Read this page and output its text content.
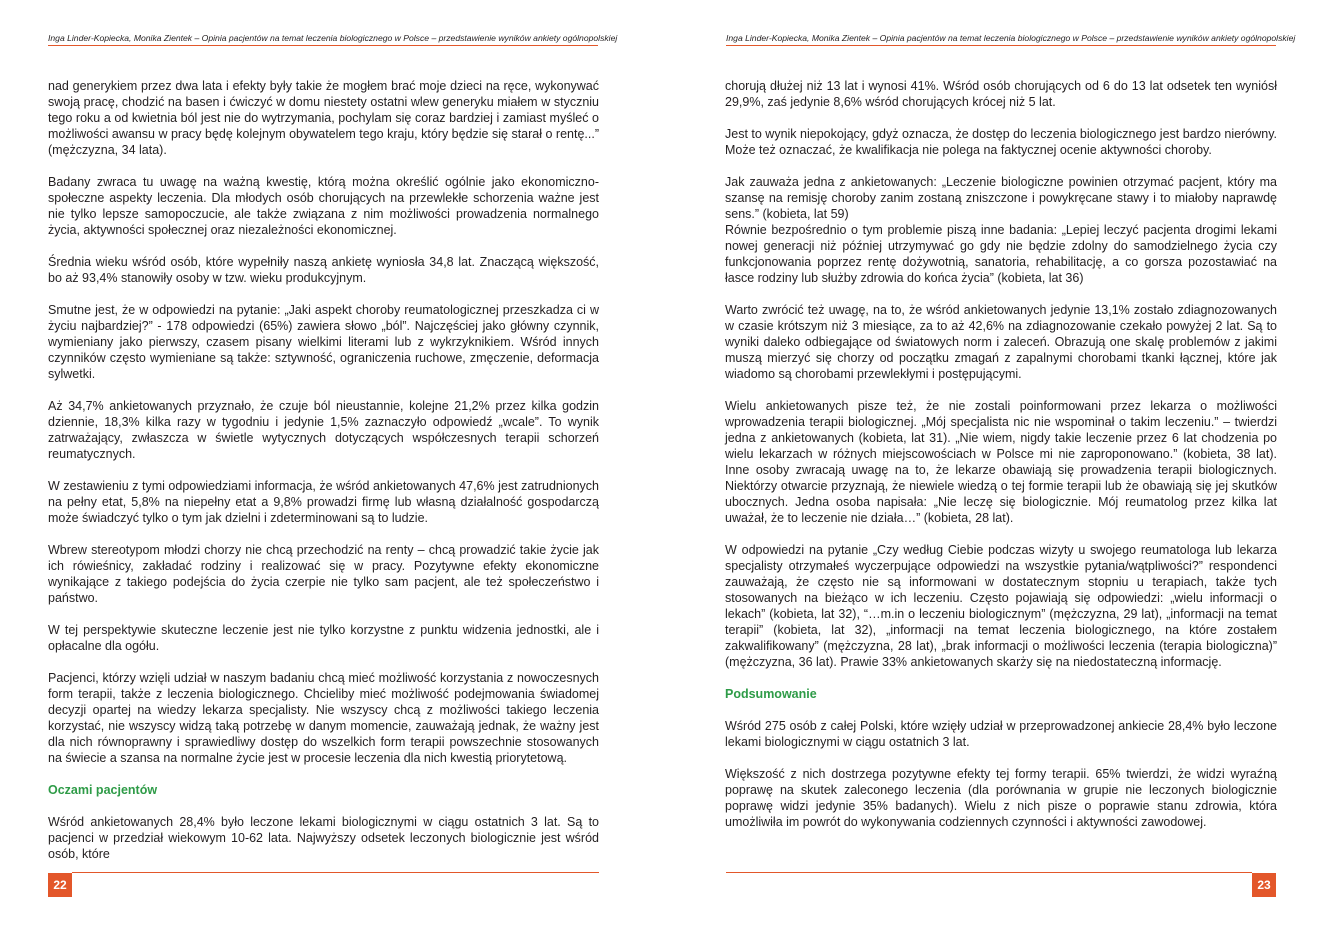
Inga Linder-Kopiecka, Monika Zientek – Opinia pacjentów na temat leczenia biologicznego w Polsce – przedstawienie wyników ankiety ogólnopolskiej

nad generykiem przez dwa lata i efekty były takie że mogłem brać moje dzieci na ręce, wykonywać swoją pracę, chodzić na basen i ćwiczyć w domu niestety ostatni wlew generyku miałem w styczniu tego roku a od kwietnia ból jest nie do wytrzymania, pochylam się coraz bardziej i zamiast myśleć o możliwości awansu w pracy będę kolejnym obywatelem tego kraju, który będzie się starał o rentę...” (mężczyzna, 34 lata).

Badany zwraca tu uwagę na ważną kwestię, którą można określić ogólnie jako ekonomiczno-społeczne aspekty leczenia. Dla młodych osób chorujących na przewlekłe schorzenia ważne jest nie tylko lepsze samopoczucie, ale także związana z nim możliwości prowadzenia normalnego życia, aktywności społecznej oraz niezależności ekonomicznej.

Średnia wieku wśród osób, które wypełniły naszą ankietę wyniosła 34,8 lat. Znaczącą większość, bo aż 93,4% stanowiły osoby w tzw. wieku produkcyjnym.

Smutne jest, że w odpowiedzi na pytanie: „Jaki aspekt choroby reumatologicznej przeszkadza ci w życiu najbardziej?” - 178 odpowiedzi (65%) zawiera słowo „ból”. Najczęściej jako główny czynnik, wymieniany jako pierwszy, czasem pisany wielkimi literami lub z wykrzyknikiem. Wśród innych czynników często wymieniane są także: sztywność, ograniczenia ruchowe, zmęczenie, deformacja sylwetki.

Aż 34,7% ankietowanych przyznało, że czuje ból nieustannie, kolejne 21,2% przez kilka godzin dziennie, 18,3% kilka razy w tygodniu i jedynie 1,5% zaznaczyło odpowiedź „wcale”. To wynik zatrważający, zwłaszcza w świetle wytycznych dotyczących współczesnych terapii schorzeń reumatycznych.

W zestawieniu z tymi odpowiedziami informacja, że wśród ankietowanych 47,6% jest zatrudnionych na pełny etat, 5,8% na niepełny etat a 9,8% prowadzi firmę lub własną działalność gospodarczą może świadczyć tylko o tym jak dzielni i zdeterminowani są to ludzie.

Wbrew stereotypom młodzi chorzy nie chcą przechodzić na renty – chcą prowadzić takie życie jak ich rówieśnicy, zakładać rodziny i realizować się w pracy. Pozytywne efekty ekonomiczne wynikające z takiego podejścia do życia czerpie nie tylko sam pacjent, ale też społeczeństwo i państwo.

W tej perspektywie skuteczne leczenie jest nie tylko korzystne z punktu widzenia jednostki, ale i opłacalne dla ogółu.

Pacjenci, którzy wzięli udział w naszym badaniu chcą mieć możliwość korzystania z nowoczesnych form terapii, także z leczenia biologicznego. Chcieliby mieć możliwość podejmowania świadomej decyzji opartej na wiedzy lekarza specjalisty. Nie wszyscy chcą z możliwości takiego leczenia korzystać, nie wszyscy widzą taką potrzebę w danym momencie, zauważają jednak, że ważny jest dla nich równoprawny i sprawiedliwy dostęp do wszelkich form terapii powszechnie stosowanych na świecie a szansa na normalne życie jest w procesie leczenia dla nich kwestią priorytetową.

Oczami pacjentów

Wśród ankietowanych 28,4% było leczone lekami biologicznymi w ciągu ostatnich 3 lat. Są to pacjenci w przedział wiekowym 10-62 lata. Najwyższy odsetek leczonych biologicznie jest wśród osób, które

22
Inga Linder-Kopiecka, Monika Zientek – Opinia pacjentów na temat leczenia biologicznego w Polsce – przedstawienie wyników ankiety ogólnopolskiej

chorują dłużej niż 13 lat i wynosi 41%. Wśród osób chorujących od 6 do 13 lat odsetek ten wyniósł 29,9%, zaś jedynie 8,6% wśród chorujących krócej niż 5 lat.

Jest to wynik niepokojący, gdyż oznacza, że dostęp do leczenia biologicznego jest bardzo nierówny. Może też oznaczać, że kwalifikacja nie polega na faktycznej ocenie aktywności choroby.

Jak zauważa jedna z ankietowanych: „Leczenie biologiczne powinien otrzymać pacjent, który ma szansę na remisję choroby zanim zostaną zniszczone i powykręcane stawy i to miałoby naprawdę sens.” (kobieta, lat 59)

Równie bezpośrednio o tym problemie piszą inne badania: „Lepiej leczyć pacjenta drogimi lekami nowej generacji niż później utrzymywać go gdy nie będzie zdolny do samodzielnego życia czy funkcjonowania poprzez rentę dożywotnią, sanatoria, rehabilitację, a co gorsza pozostawiać na łasce rodziny lub służby zdrowia do końca życia” (kobieta, lat 36)

Warto zwrócić też uwagę, na to, że wśród ankietowanych jedynie 13,1% zostało zdiagnozowanych w czasie krótszym niż 3 miesiące, za to aż 42,6% na zdiagnozowanie czekało powyżej 2 lat. Są to wyniki daleko odbiegające od światowych norm i zaleceń. Obrazują one skalę problemów z jakimi muszą mierzyć się chorzy od początku zmagań z zapalnymi chorobami tkanki łącznej, które jak wiadomo są chorobami przewlekłymi i postępującymi.

Wielu ankietowanych pisze też, że nie zostali poinformowani przez lekarza o możliwości wprowadzenia terapii biologicznej. „Mój specjalista nic nie wspominał o takim leczeniu.” – twierdzi jedna z ankietowanych (kobieta, lat 31). „Nie wiem, nigdy takie leczenie przez 6 lat chodzenia po wielu lekarzach w różnych miejscowościach w Polsce mi nie zaproponowano.” (kobieta, 38 lat). Inne osoby zwracają uwagę na to, że lekarze obawiają się prowadzenia terapii biologicznych. Niektórzy otwarcie przyznają, że niewiele wiedzą o tej formie terapii lub że obawiają się jej skutków ubocznych. Jedna osoba napisała: „Nie leczę się biologicznie. Mój reumatolog przez kilka lat uważał, że to leczenie nie działa…” (kobieta, 28 lat).

W odpowiedzi na pytanie „Czy według Ciebie podczas wizyty u swojego reumatologa lub lekarza specjalisty otrzymałeś wyczerpujące odpowiedzi na wszystkie pytania/wątpliwości?” respondenci zauważają, że często nie są informowani w dostatecznym stopniu u terapiach, także tych stosowanych na bieżąco w ich leczeniu. Często pojawiają się odpowiedzi: „wielu informacji o lekach” (kobieta, lat 32), “…m.in o leczeniu biologicznym” (mężczyzna, 29 lat), „informacji na temat terapii” (kobieta, lat 32), „informacji na temat leczenia biologicznego, na które zostałem zakwalifikowany” (mężczyzna, 28 lat), „brak informacji o możliwości leczenia (terapia biologiczna)” (mężczyzna, 36 lat). Prawie 33% ankietowanych skarży się na niedostateczną informację.

Podsumowanie

Wśród 275 osób z całej Polski, które wzięły udział w przeprowadzonej ankiecie 28,4% było leczone lekami biologicznymi w ciągu ostatnich 3 lat.

Większość z nich dostrzega pozytywne efekty tej formy terapii. 65% twierdzi, że widzi wyraźną poprawę na skutek zaleconego leczenia (dla porównania w grupie nie leczonych biologicznie poprawę widzi jedynie 35% badanych). Wielu z nich pisze o poprawie stanu zdrowia, która umożliwiła im powrót do wykonywania codziennych czynności i aktywności zawodowej.

23
